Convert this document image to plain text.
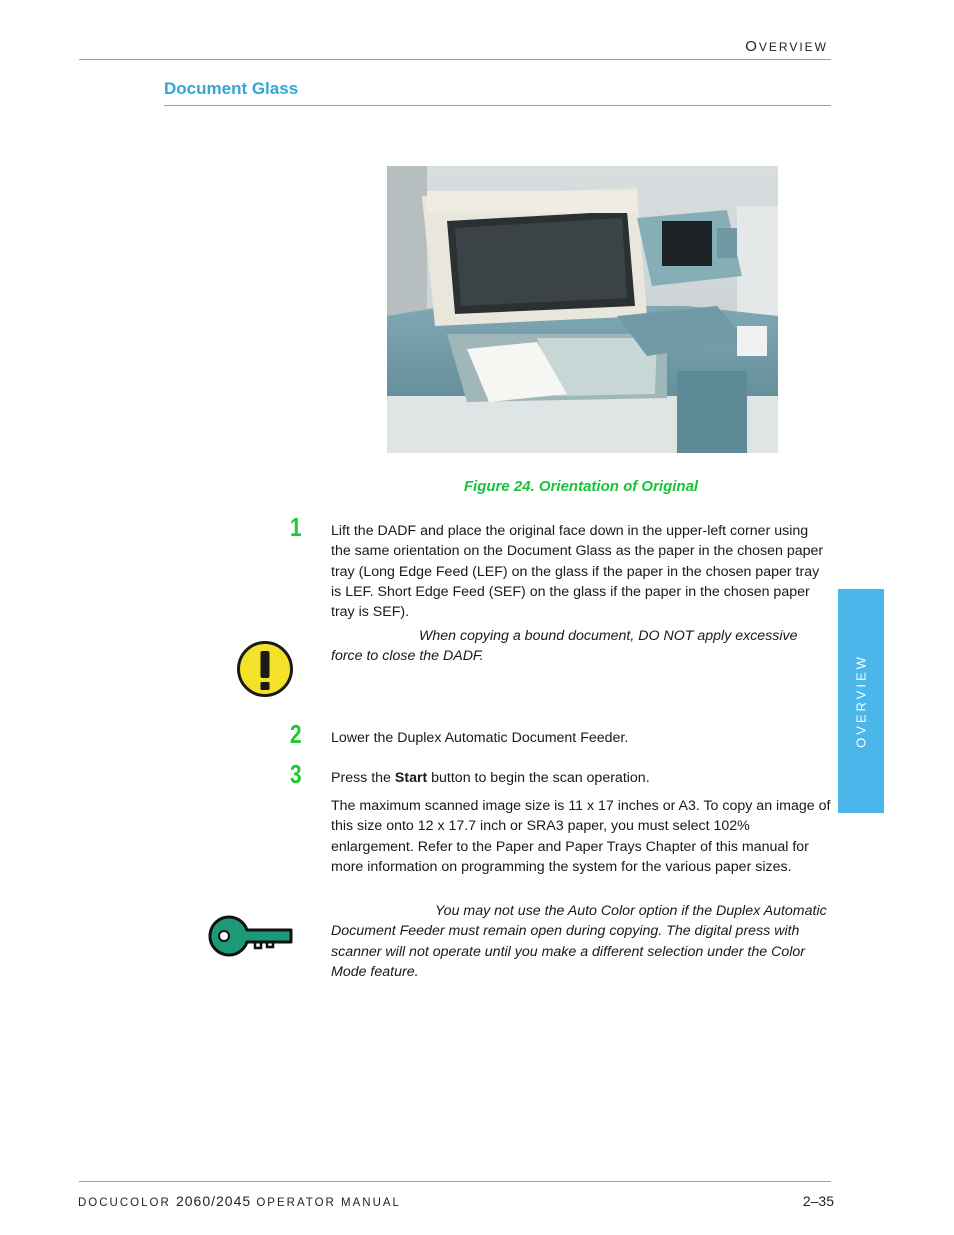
OVERVIEW
Document Glass
Figure 24. Orientation of Original
1 Lift the DADF and place the original face down in the upper-left corner using the same orientation on the Document Glass as the paper in the chosen paper tray (Long Edge Feed (LEF) on the glass if the paper in the chosen paper tray is LEF. Short Edge Feed (SEF) on the glass if the paper in the chosen paper tray is SEF).
When copying a bound document, DO NOT apply excessive force to close the DADF.
2 Lower the Duplex Automatic Document Feeder.
3 Press the Start button to begin the scan operation.
The maximum scanned image size is 11 x 17 inches or A3. To copy an image of this size onto 12 x 17.7 inch or SRA3 paper, you must select 102% enlargement. Refer to the Paper and Paper Trays Chapter of this manual for more information on programming the system for the various paper sizes.
You may not use the Auto Color option if the Duplex Automatic Document Feeder must remain open during copying. The digital press with scanner will not operate until you make a different selection under the Color Mode feature.
OVERVIEW
DOCUCOLOR 2060/2045 OPERATOR MANUAL	2–35
